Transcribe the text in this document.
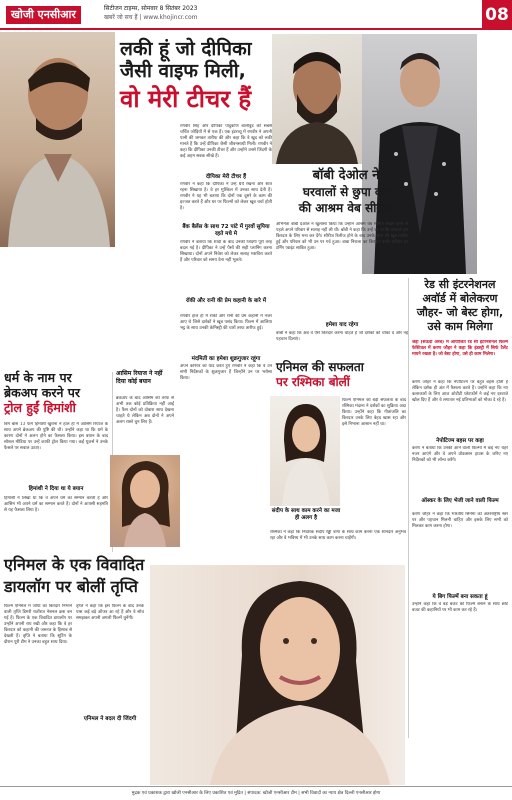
खोजी एनसीआर	सिटीजन टाइम्स, सोमवार 8 सितंबर 2023
खबरें जो सच हैं | www.khojincr.com	08
लकी हूं जो दीपिका
जैसी वाइफ मिली,
वो मेरी टीचर हैं
रणवीर सिंह और दीपिका पादुकोण बॉलीवुड की सबसे चर्चित जोड़ियों में से एक हैं। एक इंटरव्यू में रणवीर ने अपनी पत्नी की जमकर तारीफ की और कहा कि वे खुद को लकी मानते हैं कि उन्हें दीपिका जैसी जीवनसाथी मिली। रणवीर ने कहा कि दीपिका उनकी टीचर हैं और उन्होंने उनसे जिंदगी के कई अहम सबक सीखे हैं।
दीपिका मेरी टीचर हैं
रणवीर ने कहा कि दीपिका ने उन्हें धैर्य रखना और शांत रहना सिखाया है। वे हर मुश्किल में उनका साथ देती हैं। रणवीर ने यह भी बताया कि दोनों एक दूसरे के काम की इज्जत करते हैं और घर पर फिल्मों को लेकर खूब चर्चा होती है।
बैंक बैलेंस के साथ 72 पांटे में गुरवों सुपिया रहते मधे मे
रणवीर ने बताया कि शादी के बाद उनकी जिंदगी पूरी तरह बदल गई है। दीपिका ने उन्हें पैसों की सही प्लानिंग करना सिखाया। दोनों अपने निवेश को लेकर सलाह मशविरा करते हैं और परिवार को समय देना नहीं भूलते।
रॉकी और रानी की प्रेम कहानी के बारे में
रणवीर हाल ही में रॉकी और रानी की प्रेम कहानी में नजर आए थे जिसे दर्शकों ने खूब पसंद किया। फिल्म में आलिया भट्ट के साथ उनकी केमिस्ट्री की चारों तरफ तारीफ हुई।
मंदमिती का हमेशा शुक्रगुजार रहूंगा
अपने करियर को याद करते हुए रणवीर ने कहा कि वे उन सभी निर्देशकों के शुक्रगुजार हैं जिन्होंने उन पर भरोसा किया।
धर्म के नाम पर
ब्रेकअप करने पर
ट्रोल हुईं हिमांशी
बिग बॉस 13 फेम हिमांशी खुराना ने हाल ही में आसिम रियाज के साथ अपने ब्रेकअप की पुष्टि की थी। उन्होंने कहा था कि धर्म के कारण दोनों ने अलग होने का फैसला किया। इस बयान के बाद सोशल मीडिया पर उन्हें काफी ट्रोल किया गया। कई यूजर्स ने उनके फैसले पर सवाल उठाए।
हिमांशी ने दिया था ये बयान
हिमांशी ने लिखा था कि वे अपने धर्म का सम्मान करती हैं और आसिम भी अपने धर्म का सम्मान करते हैं। दोनों ने आपसी सहमति से यह फैसला लिया है।
आसिम रियाज ने नहीं दिया कोई बयान
ब्रेकअप के बाद आसिम की तरफ से अभी तक कोई प्रतिक्रिया नहीं आई है। फैंस दोनों को दोबारा साथ देखना चाहते थे लेकिन अब दोनों ने अपने अलग रास्ते चुन लिए हैं।
बॉबी देओल ने
घरवालों से छुपा कर
की आश्रम वेब सीरीज
अभिनेता बॉबी देओल ने खुलासा किया कि उन्होंने आश्रम वेब सीरीज साइन करने से पहले अपने परिवार से सलाह नहीं ली थी। बॉबी ने कहा कि उन्हें डर था कि घरवाले इस किरदार के लिए मना कर देंगे। सीरीज रिलीज होने के बाद उनके काम की खूब तारीफ हुई और परिवार को भी उन पर गर्व हुआ। बाबा निराला का किरदार उनके करियर का टर्निंग प्वाइंट साबित हुआ।
हमेशा याद रहेगा
बॉबी ने कहा कि अब वे ऐसे किरदार करना चाहते हैं जो दर्शकों को चौंका दें और नई पहचान दिलाएं।
रेड सी इंटरनेशनल
अवॉर्ड में बोलेकरण
जौहर- जो बेस्ट होगा,
उसे काम मिलेगा
जेद्दा (सऊदी अरब) में आयोजित रेड सी इंटरनेशनल फिल्म फेस्टिवल में करण जौहर ने कहा कि इंडस्ट्री में सिर्फ टैलेंट मायने रखता है। जो बेस्ट होगा, उसे ही काम मिलेगा।
करण जौहर ने कहा कि नेपोटिज्म पर बहुत बहस होती है लेकिन दर्शक ही अंत में फैसला करते हैं। उन्होंने कहा कि नए कलाकारों के लिए आज ओटीटी प्लेटफॉर्म ने कई नए दरवाजे खोल दिए हैं और वे लगातार नई प्रतिभाओं को मौका दे रहे हैं।
नेपोटिज्म बहस पर कहा
करण ने बताया कि उनकी आने वाली फिल्मों में कई नए चेहरे नजर आएंगे और वे अपने प्रोडक्शन हाउस के जरिए नए निर्देशकों को भी लॉन्च करेंगे।
ऑस्कर के लिए भेजी जाने वाली फिल्म
करण जौहर ने कहा कि भारतीय सिनेमा को अंतरराष्ट्रीय स्तर पर और पहचान मिलनी चाहिए और इसके लिए सभी को मिलकर काम करना होगा।
ये बिग फिल्में बना सकता हूं
उन्होंने कहा कि वे बड़े बजट की फिल्में बनाने के साथ छोटे बजट की कहानियों पर भी काम कर रहे हैं।
एनिमल की सफलता
पर रश्मिका बोलीं
फिल्म एनिमल की बड़ी सफलता के बाद रश्मिका मंदाना ने दर्शकों का शुक्रिया अदा किया। उन्होंने कहा कि गीतांजलि का किरदार उनके लिए बेहद खास रहा और इसे निभाना आसान नहीं था।
संदीप के साथ काम करने का मजा ही अलग है
रश्मिका ने कहा कि निर्देशक संदीप रेड्डी वांगा के साथ काम करना एक शानदार अनुभव रहा और वे भविष्य में भी उनके साथ काम करना चाहेंगी।
एनिमल के एक विवादित
डायलॉग पर बोलीं तृप्ति
फिल्म एनिमल में जोया का किरदार निभाने वाली तृप्ति डिमरी रातोंरात नेशनल क्रश बन गई हैं। फिल्म के एक विवादित डायलॉग पर उन्होंने अपनी राय रखी और कहा कि वे हर किरदार को कहानी की जरूरत के हिसाब से देखती हैं। तृप्ति ने बताया कि शूटिंग के दौरान पूरी टीम ने उनका बहुत साथ दिया।
तृप्ति ने कहा कि इस फिल्म के बाद उनके पास कई बड़े ऑफर आ रहे हैं और वे सोच समझकर अपनी अगली फिल्में चुनेंगी।
एनिमल ने बदल दी जिंदगी
मुद्रक एवं प्रकाशक द्वारा खोजी एनसीआर के लिए प्रकाशित एवं मुद्रित | संपादक: खोजी एनसीआर टीम | सभी विवादों का न्याय क्षेत्र दिल्ली एनसीआर होगा
